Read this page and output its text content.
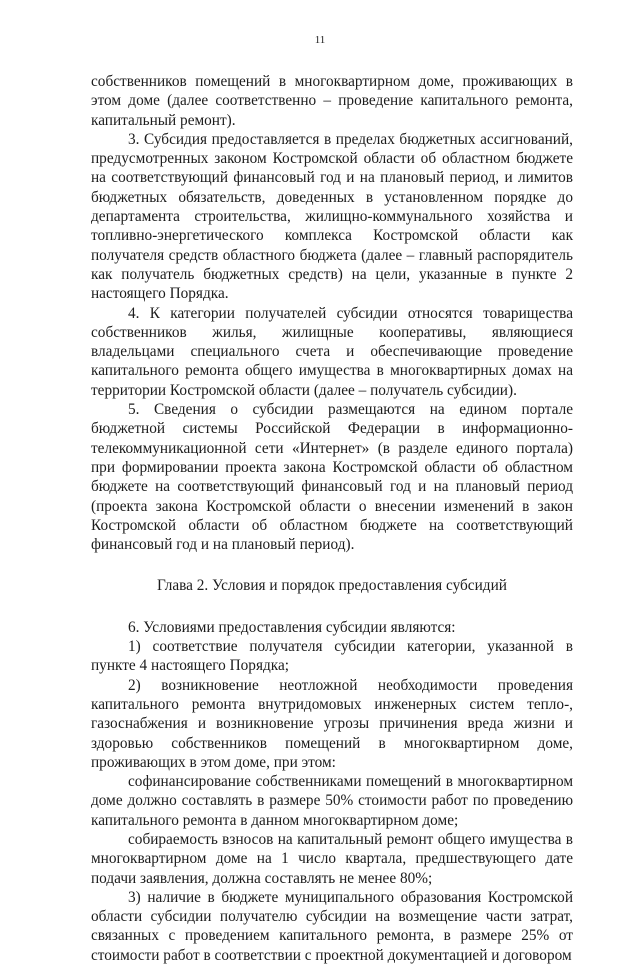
11

собственников помещений в многоквартирном доме, проживающих в этом доме (далее соответственно – проведение капитального ремонта, капитальный ремонт).

3. Субсидия предоставляется в пределах бюджетных ассигнований, предусмотренных законом Костромской области об областном бюджете на соответствующий финансовый год и на плановый период, и лимитов бюджетных обязательств, доведенных в установленном порядке до департамента строительства, жилищно-коммунального хозяйства и топливно-энергетического комплекса Костромской области как получателя средств областного бюджета (далее – главный распорядитель как получатель бюджетных средств) на цели, указанные в пункте 2 настоящего Порядка.

4. К категории получателей субсидии относятся товарищества собственников жилья, жилищные кооперативы, являющиеся владельцами специального счета и обеспечивающие проведение капитального ремонта общего имущества в многоквартирных домах на территории Костромской области (далее – получатель субсидии).

5. Сведения о субсидии размещаются на едином портале бюджетной системы Российской Федерации в информационно-телекоммуникационной сети «Интернет» (в разделе единого портала) при формировании проекта закона Костромской области об областном бюджете на соответствующий финансовый год и на плановый период (проекта закона Костромской области о внесении изменений в закон Костромской области об областном бюджете на соответствующий финансовый год и на плановый период).

Глава 2. Условия и порядок предоставления субсидий

6. Условиями предоставления субсидии являются:

1) соответствие получателя субсидии категории, указанной в пункте 4 настоящего Порядка;

2) возникновение неотложной необходимости проведения капитального ремонта внутридомовых инженерных систем тепло-, газоснабжения и возникновение угрозы причинения вреда жизни и здоровью собственников помещений в многоквартирном доме, проживающих в этом доме, при этом:

софинансирование собственниками помещений в многоквартирном доме должно составлять в размере 50% стоимости работ по проведению капитального ремонта в данном многоквартирном доме;

собираемость взносов на капитальный ремонт общего имущества в многоквартирном доме на 1 число квартала, предшествующего дате подачи заявления, должна составлять не менее 80%;

3) наличие в бюджете муниципального образования Костромской области субсидии получателю субсидии на возмещение части затрат, связанных с проведением капитального ремонта, в размере 25% от стоимости работ в соответствии с проектной документацией и договором
